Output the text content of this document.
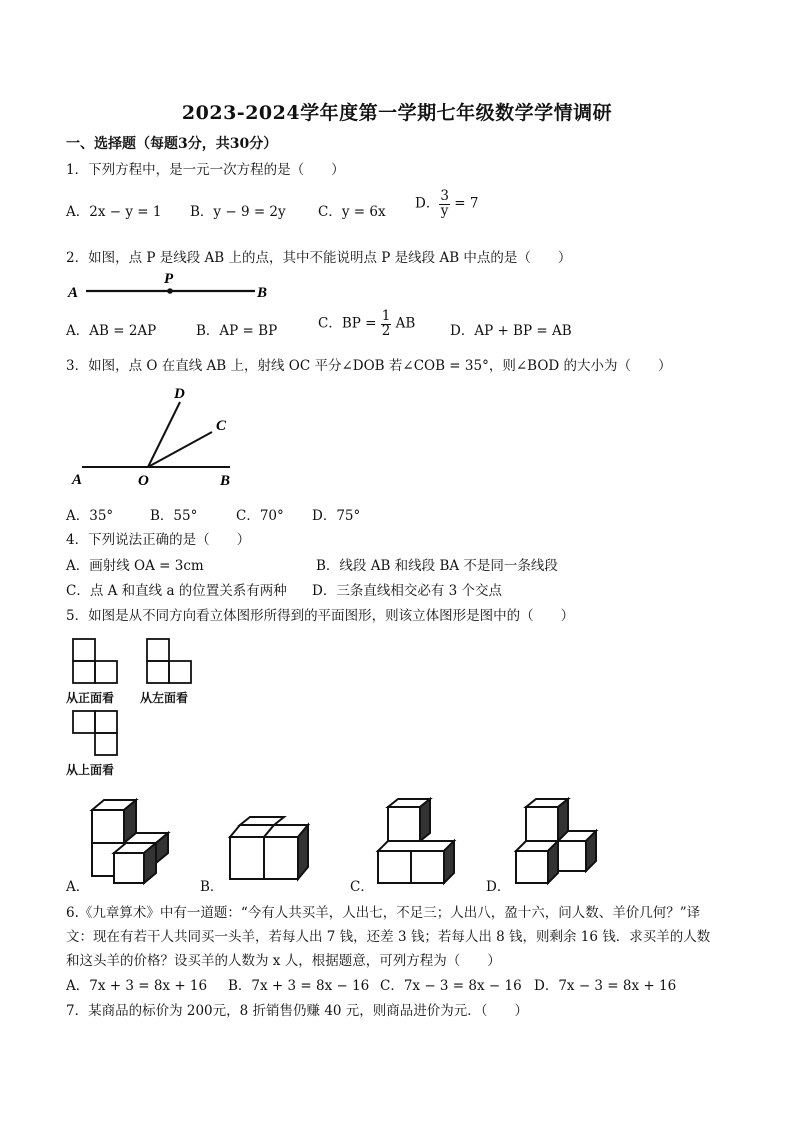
2023-2024学年度第一学期七年级数学学情调研
一、选择题（每题3分，共30分）
1．下列方程中，是一元一次方程的是（　　）
A．2x − y = 1 B．y − 9 = 2y C．y = 6x
D． $\frac{3}{y} = 7$
2．如图，点 P 是线段 AB 上的点，其中不能说明点 P 是线段 AB 中点的是（　　）
A
P
B
A．AB = 2AP	B．AP = BP	C．BP = $\frac{1}{2}$ AB	D．AP + BP = AB
3．如图，点 O 在直线 AB 上，射线 OC 平分∠DOB 若∠COB = 35°，则∠BOD 的大小为（　　）
A	O	B
C
D
A．35°	B．55°	C．70° D．75°
4．下列说法正确的是（　　）
A．画射线 OA = 3cm	B．线段 AB 和线段 BA 不是同一条线段
C．点 A 和直线 a 的位置关系有两种 D．三条直线相交必有 3 个交点
5．如图是从不同方向看立体图形所得到的平面图形，则该立体图形是图中的（　　）
从正面看 从左面看
从上面看
A．	B．	C．	D．
6.《九章算术》中有一道题：“今有人共买羊，人出七，不足三；人出八，盈十六，问人数、羊价几何？”译
文：现在有若干人共同买一头羊，若每人出 7 钱，还差 3 钱；若每人出 8 钱，则剩余 16 钱．求买羊的人数
和这头羊的价格？设买羊的人数为 x 人，根据题意，可列方程为（　　）
A．7x + 3 = 8x + 16 B．7x + 3 = 8x − 16 C．7x − 3 = 8x − 16 D．7x − 3 = 8x + 16
7．某商品的标价为 200元，8 折销售仍赚 40 元，则商品进价为元．（　　）
